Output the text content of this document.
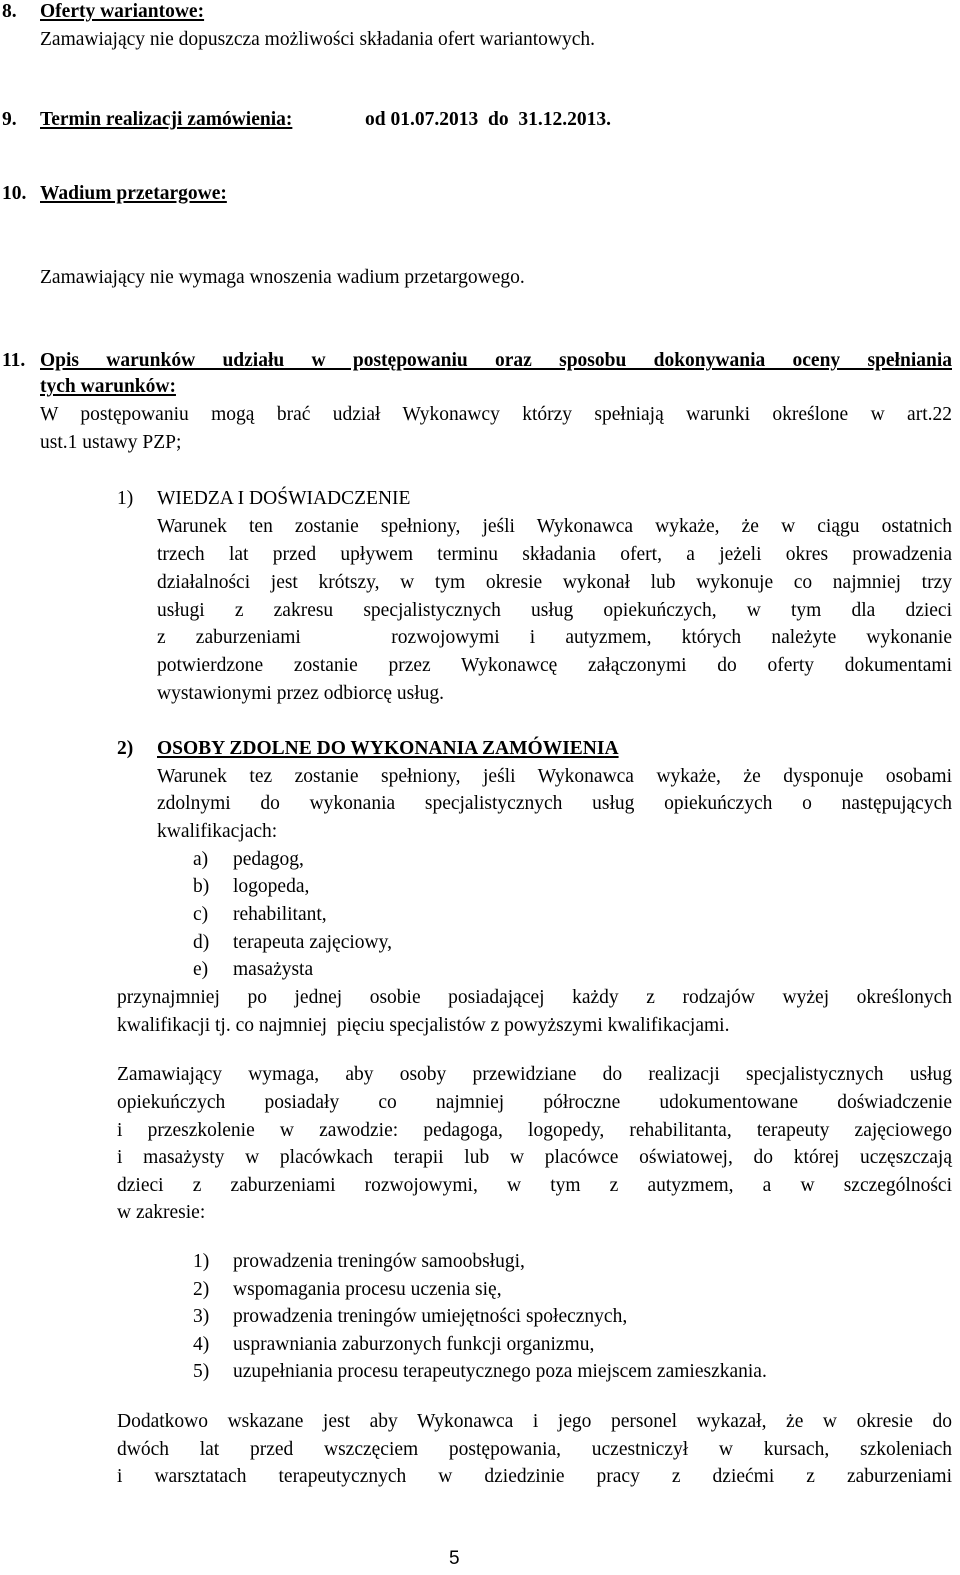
8. Oferty wariantowe:
Zamawiający nie dopuszcza możliwości składania ofert wariantowych.
9. Termin realizacji zamówienia:	od 01.07.2013  do  31.12.2013.
10. Wadium przetargowe:
Zamawiający nie wymaga wnoszenia wadium przetargowego.
11. Opis warunków udziału w postępowaniu oraz sposobu dokonywania oceny spełniania
tych warunków:
W postępowaniu mogą brać udział Wykonawcy którzy spełniają warunki określone w art.22
ust.1 ustawy PZP;
1) WIEDZA I DOŚWIADCZENIE
Warunek ten zostanie spełniony, jeśli Wykonawca wykaże, że w ciągu ostatnich
trzech lat przed upływem terminu składania ofert, a jeżeli okres prowadzenia
działalności jest krótszy, w tym okresie wykonał lub wykonuje co najmniej trzy
usługi z zakresu specjalistycznych usług opiekuńczych, w tym dla dzieci
z zaburzeniami   rozwojowymi i autyzmem, których należyte wykonanie
potwierdzone zostanie przez Wykonawcę załączonymi do oferty dokumentami
wystawionymi przez odbiorcę usług.
2) OSOBY ZDOLNE DO WYKONANIA ZAMÓWIENIA
Warunek tez zostanie spełniony, jeśli Wykonawca wykaże, że dysponuje osobami
zdolnymi do wykonania specjalistycznych usług opiekuńczych o następujących
kwalifikacjach:
a) pedagog,
b) logopeda,
c) rehabilitant,
d) terapeuta zajęciowy,
e) masażysta
przynajmniej po jednej osobie posiadającej każdy z rodzajów wyżej określonych
kwalifikacji tj. co najmniej  pięciu specjalistów z powyższymi kwalifikacjami.
Zamawiający wymaga, aby osoby przewidziane do realizacji specjalistycznych usług
opiekuńczych posiadały co najmniej półroczne udokumentowane doświadczenie
i przeszkolenie w zawodzie: pedagoga, logopedy, rehabilitanta, terapeuty zajęciowego
i masażysty w placówkach terapii lub w placówce oświatowej, do której uczęszczają
dzieci z zaburzeniami rozwojowymi, w tym z autyzmem, a w szczególności
w zakresie:
1) prowadzenia treningów samoobsługi,
2) wspomagania procesu uczenia się,
3) prowadzenia treningów umiejętności społecznych,
4) usprawniania zaburzonych funkcji organizmu,
5) uzupełniania procesu terapeutycznego poza miejscem zamieszkania.
Dodatkowo wskazane jest aby Wykonawca i jego personel wykazał, że w okresie do
dwóch lat przed wszczęciem postępowania, uczestniczył w kursach, szkoleniach
i warsztatach terapeutycznych w dziedzinie pracy z dziećmi z zaburzeniami
5
